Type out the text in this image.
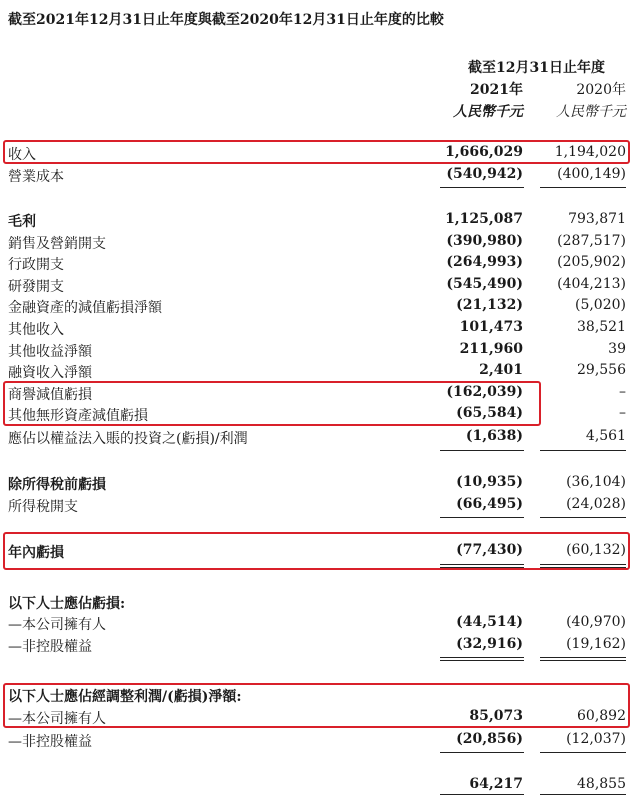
截至2021年12月31日止年度與截至2020年12月31日止年度的比較
截至12月31日止年度
2021年	2020年
人民幣千元 人民幣千元
收入	1,666,029 1,194,020
營業成本	(540,942) (400,149)
毛利	1,125,087	793,871
銷售及營銷開支	(390,980) (287,517)
行政開支	(264,993) (205,902)
研發開支	(545,490) (404,213)
金融資產的減值虧損淨額	(21,132)	(5,020)
其他收入	101,473	38,521
其他收益淨額	211,960	39
融資收入淨額	2,401	29,556
商譽減值虧損	(162,039)	–
其他無形資產減值虧損	(65,584)	–
應佔以權益法入賬的投資之(虧損)/利潤	(1,638)	4,561
除所得稅前虧損	(10,935)	(36,104)
所得稅開支	(66,495)	(24,028)
年內虧損	(77,430)	(60,132)
以下人士應佔虧損:
—本公司擁有人	(44,514)	(40,970)
—非控股權益	(32,916)	(19,162)
以下人士應佔經調整利潤/(虧損)淨額:
—本公司擁有人	85,073	60,892
—非控股權益	(20,856)	(12,037)
64,217	48,855
